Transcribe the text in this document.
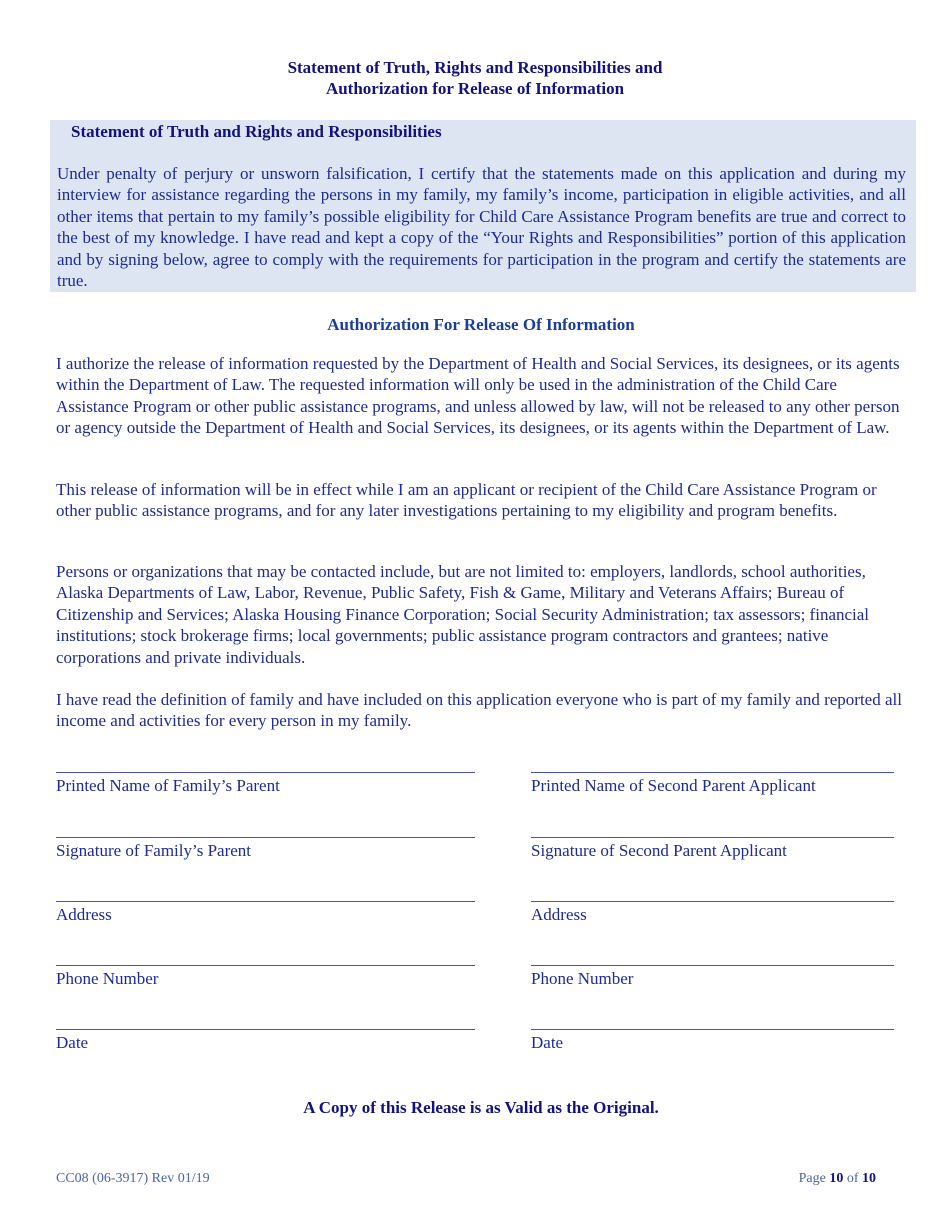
Statement of Truth, Rights and Responsibilities and
Authorization for Release of Information
Statement of Truth and Rights and Responsibilities
Under penalty of perjury or unsworn falsification, I certify that the statements made on this application and during my interview for assistance regarding the persons in my family, my family’s income, participation in eligible activities, and all other items that pertain to my family’s possible eligibility for Child Care Assistance Program benefits are true and correct to the best of my knowledge. I have read and kept a copy of the “Your Rights and Responsibilities” portion of this application and by signing below, agree to comply with the requirements for participation in the program and certify the statements are true.
Authorization For Release Of Information
I authorize the release of information requested by the Department of Health and Social Services, its designees, or its agents within the Department of Law. The requested information will only be used in the administration of the Child Care Assistance Program or other public assistance programs, and unless allowed by law, will not be released to any other person or agency outside the Department of Health and Social Services, its designees, or its agents within the Department of Law.
This release of information will be in effect while I am an applicant or recipient of the Child Care Assistance Program or other public assistance programs, and for any later investigations pertaining to my eligibility and program benefits.
Persons or organizations that may be contacted include, but are not limited to: employers, landlords, school authorities, Alaska Departments of Law, Labor, Revenue, Public Safety, Fish & Game, Military and Veterans Affairs; Bureau of Citizenship and Services; Alaska Housing Finance Corporation; Social Security Administration; tax assessors; financial institutions; stock brokerage firms; local governments; public assistance program contractors and grantees; native corporations and private individuals.
I have read the definition of family and have included on this application everyone who is part of my family and reported all income and activities for every person in my family.
Printed Name of Family’s Parent
Signature of Family’s Parent
Address
Phone Number
Date
Printed Name of Second Parent Applicant
Signature of Second Parent Applicant
Address
Phone Number
Date
A Copy of this Release is as Valid as the Original.
CC08 (06-3917) Rev 01/19	Page 10 of 10
